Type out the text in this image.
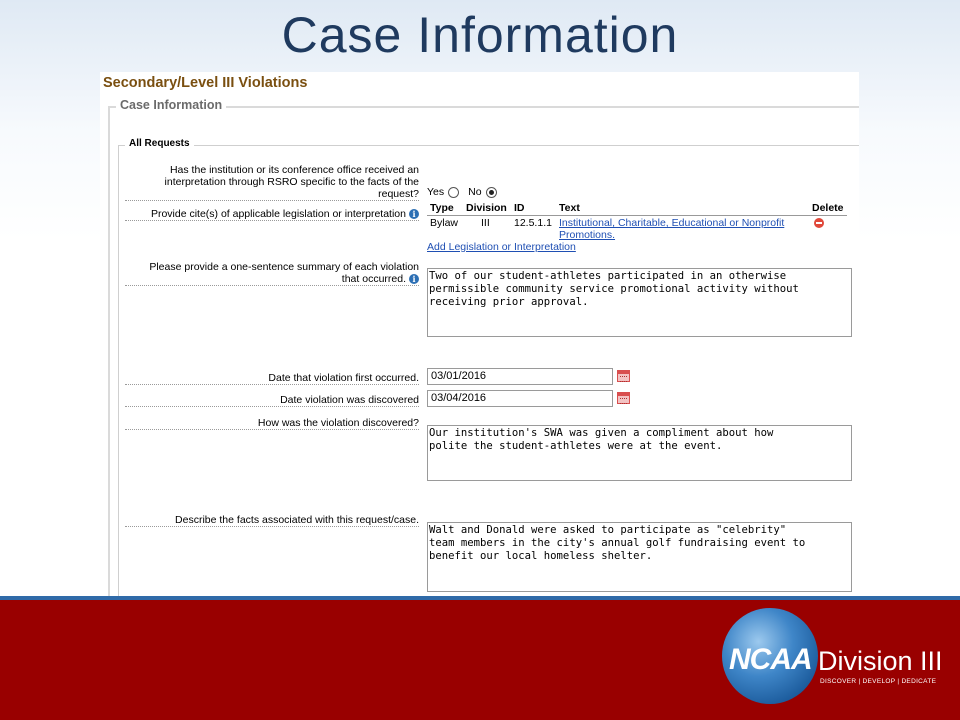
Case Information
Secondary/Level III Violations
Case Information
All Requests
Has the institution or its conference office received an
interpretation through RSRO specific to the facts of the
request? Yes No
Provide cite(s) of applicable legislation or interpretation i
Type Division ID	Text	Delete
Bylaw III 12.5.1.1 Institutional, Charitable, Educational or Nonprofit
Promotions.
Add Legislation or Interpretation
Please provide a one-sentence summary of each violation
that occurred. i	Two of our student-athletes participated in an otherwise
permissible community service promotional activity without
receiving prior approval.
Date that violation first occurred.	03/01/2016
Date violation was discovered	03/04/2016
How was the violation discovered?
Our institution's SWA was given a compliment about how
polite the student-athletes were at the event.
Describe the facts associated with this request/case.
Walt and Donald were asked to participate as "celebrity"
team members in the city's annual golf fundraising event to
benefit our local homeless shelter.
NCAA Division III
DISCOVER | DEVELOP | DEDICATE
